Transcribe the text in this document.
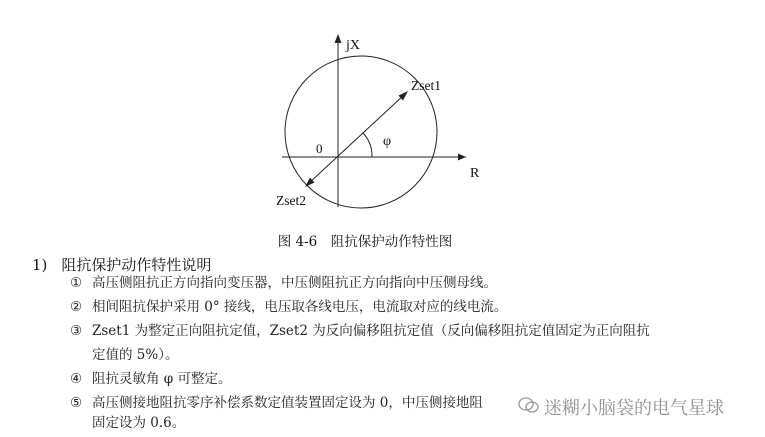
jX
R
0
Zset1
Zset2
φ
图 4-6　阻抗保护动作特性图
1) 阻抗保护动作特性说明
① 高压侧阻抗正方向指向变压器，中压侧阻抗正方向指向中压侧母线。
② 相间阻抗保护采用 0° 接线，电压取各线电压，电流取对应的线电流。
③ Zset1 为整定正向阻抗定值，Zset2 为反向偏移阻抗定值（反向偏移阻抗定值固定为正向阻抗
定值的 5%）。
④ 阻抗灵敏角 φ 可整定。
⑤ 高压侧接地阻抗零序补偿系数定值装置固定设为 0，中压侧接地阻
固定设为 0.6。
迷糊小脑袋的电气星球
